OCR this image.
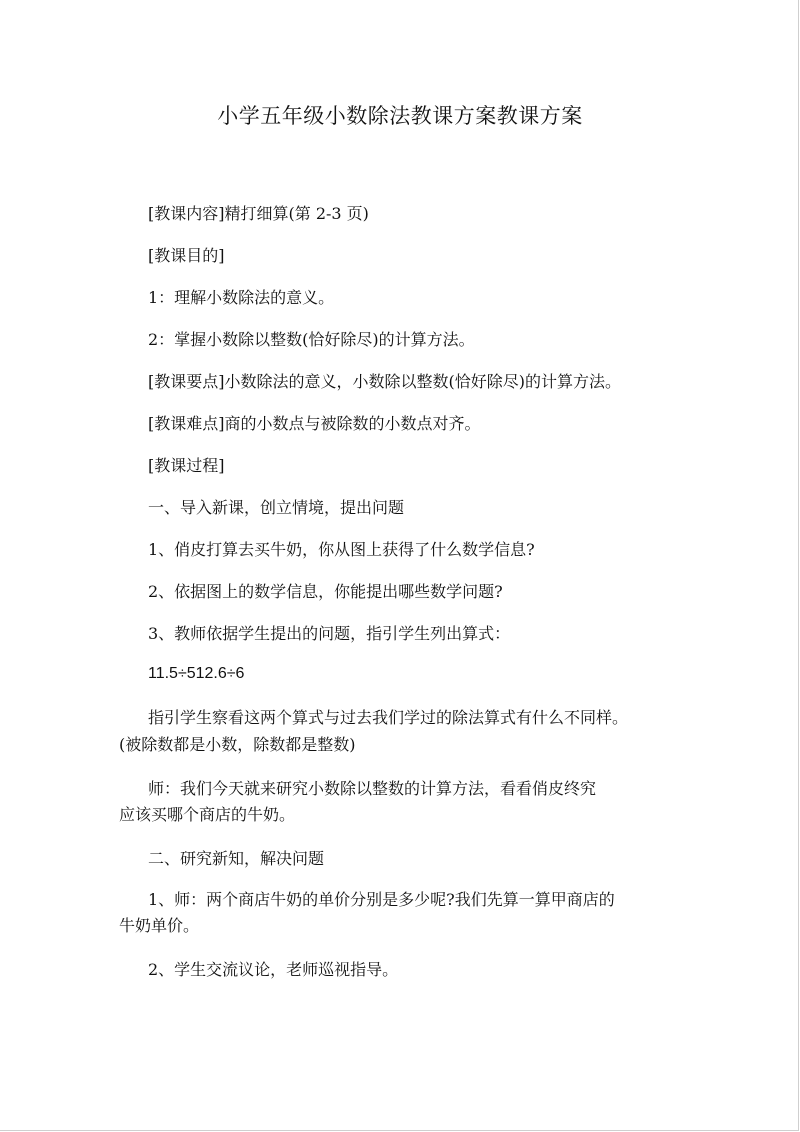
小学五年级小数除法教课方案教课方案
[教课内容]精打细算(第 2-3 页)
[教课目的]
1：理解小数除法的意义。
2：掌握小数除以整数(恰好除尽)的计算方法。
[教课要点]小数除法的意义，小数除以整数(恰好除尽)的计算方法。
[教课难点]商的小数点与被除数的小数点对齐。
[教课过程]
一、导入新课，创立情境，提出问题
1、俏皮打算去买牛奶，你从图上获得了什么数学信息?
2、依据图上的数学信息，你能提出哪些数学问题?
3、教师依据学生提出的问题，指引学生列出算式：
11.5÷512.6÷6
指引学生察看这两个算式与过去我们学过的除法算式有什么不同样。
(被除数都是小数，除数都是整数)
师：我们今天就来研究小数除以整数的计算方法，看看俏皮终究
应该买哪个商店的牛奶。
二、研究新知，解决问题
1、师：两个商店牛奶的单价分别是多少呢?我们先算一算甲商店的
牛奶单价。
2、学生交流议论，老师巡视指导。
